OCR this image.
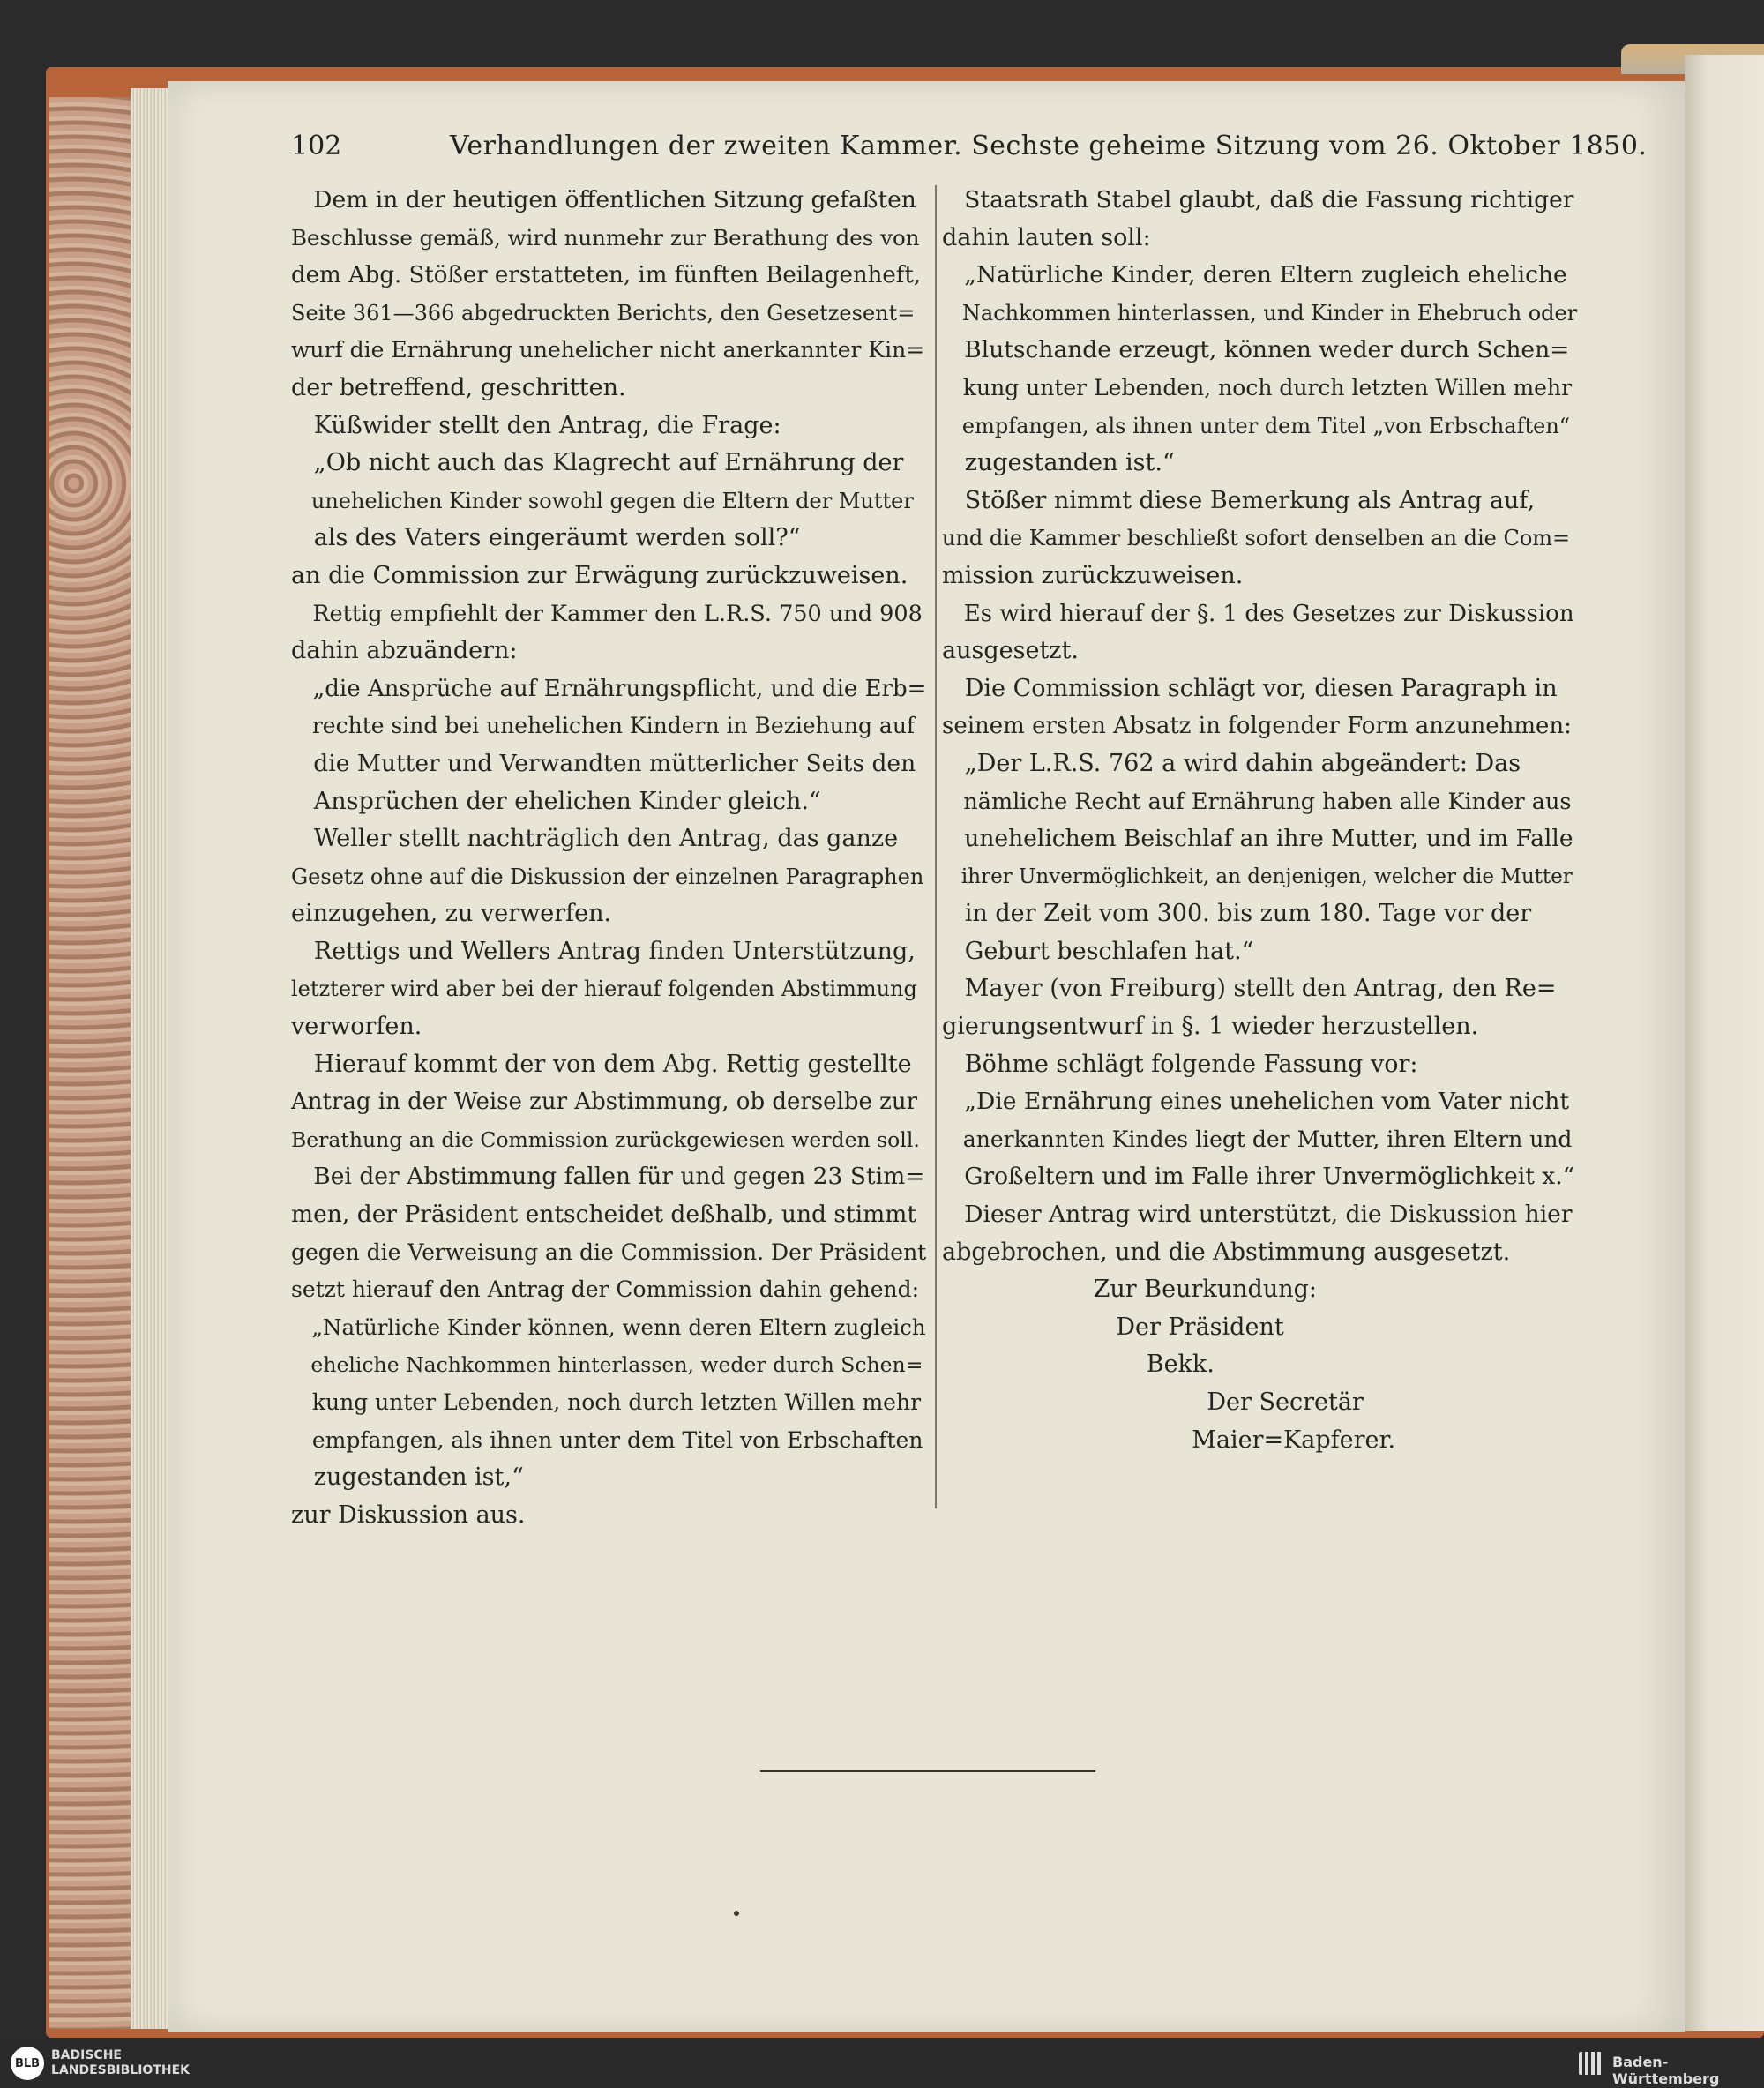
102	Verhandlungen der zweiten Kammer. Sechste geheime Sitzung vom 26. Oktober 1850.

Dem in der heutigen öffentlichen Sitzung gefaßten

Beschlusse gemäß, wird nunmehr zur Berathung des von

dem Abg. Stößer erstatteten, im fünften Beilagenheft,

Seite 361—366 abgedruckten Berichts, den Gesetzesent=

wurf die Ernährung unehelicher nicht anerkannter Kin=

der betreffend, geschritten.

Küßwider stellt den Antrag, die Frage:

„Ob nicht auch das Klagrecht auf Ernährung der

unehelichen Kinder sowohl gegen die Eltern der Mutter

als des Vaters eingeräumt werden soll?“

an die Commission zur Erwägung zurückzuweisen.

Rettig empfiehlt der Kammer den L.R.S. 750 und 908

dahin abzuändern:

„die Ansprüche auf Ernährungspflicht, und die Erb=

rechte sind bei unehelichen Kindern in Beziehung auf

die Mutter und Verwandten mütterlicher Seits den

Ansprüchen der ehelichen Kinder gleich.“

Weller stellt nachträglich den Antrag, das ganze

Gesetz ohne auf die Diskussion der einzelnen Paragraphen

einzugehen, zu verwerfen.

Rettigs und Wellers Antrag finden Unterstützung,

letzterer wird aber bei der hierauf folgenden Abstimmung

verworfen.

Hierauf kommt der von dem Abg. Rettig gestellte

Antrag in der Weise zur Abstimmung, ob derselbe zur

Berathung an die Commission zurückgewiesen werden soll.

Bei der Abstimmung fallen für und gegen 23 Stim=

men, der Präsident entscheidet deßhalb, und stimmt

gegen die Verweisung an die Commission. Der Präsident

setzt hierauf den Antrag der Commission dahin gehend:

„Natürliche Kinder können, wenn deren Eltern zugleich

eheliche Nachkommen hinterlassen, weder durch Schen=

kung unter Lebenden, noch durch letzten Willen mehr

empfangen, als ihnen unter dem Titel von Erbschaften

zugestanden ist,“

zur Diskussion aus.

Staatsrath Stabel glaubt, daß die Fassung richtiger

dahin lauten soll:

„Natürliche Kinder, deren Eltern zugleich eheliche

Nachkommen hinterlassen, und Kinder in Ehebruch oder

Blutschande erzeugt, können weder durch Schen=

kung unter Lebenden, noch durch letzten Willen mehr

empfangen, als ihnen unter dem Titel „von Erbschaften“

zugestanden ist.“

Stößer nimmt diese Bemerkung als Antrag auf,

und die Kammer beschließt sofort denselben an die Com=

mission zurückzuweisen.

Es wird hierauf der §. 1 des Gesetzes zur Diskussion

ausgesetzt.

Die Commission schlägt vor, diesen Paragraph in

seinem ersten Absatz in folgender Form anzunehmen:

„Der L.R.S. 762 a wird dahin abgeändert: Das

nämliche Recht auf Ernährung haben alle Kinder aus

unehelichem Beischlaf an ihre Mutter, und im Falle

ihrer Unvermöglichkeit, an denjenigen, welcher die Mutter

in der Zeit vom 300. bis zum 180. Tage vor der

Geburt beschlafen hat.“

Mayer (von Freiburg) stellt den Antrag, den Re=

gierungsentwurf in §. 1 wieder herzustellen.

Böhme schlägt folgende Fassung vor:

„Die Ernährung eines unehelichen vom Vater nicht

anerkannten Kindes liegt der Mutter, ihren Eltern und

Großeltern und im Falle ihrer Unvermöglichkeit x.“

Dieser Antrag wird unterstützt, die Diskussion hier

abgebrochen, und die Abstimmung ausgesetzt.

Zur Beurkundung:

Der Präsident

Bekk.

Der Secretär

Maier=Kapferer.

BLB
BADISCHE
LANDESBIBLIOTHEK	Baden-Württemberg
